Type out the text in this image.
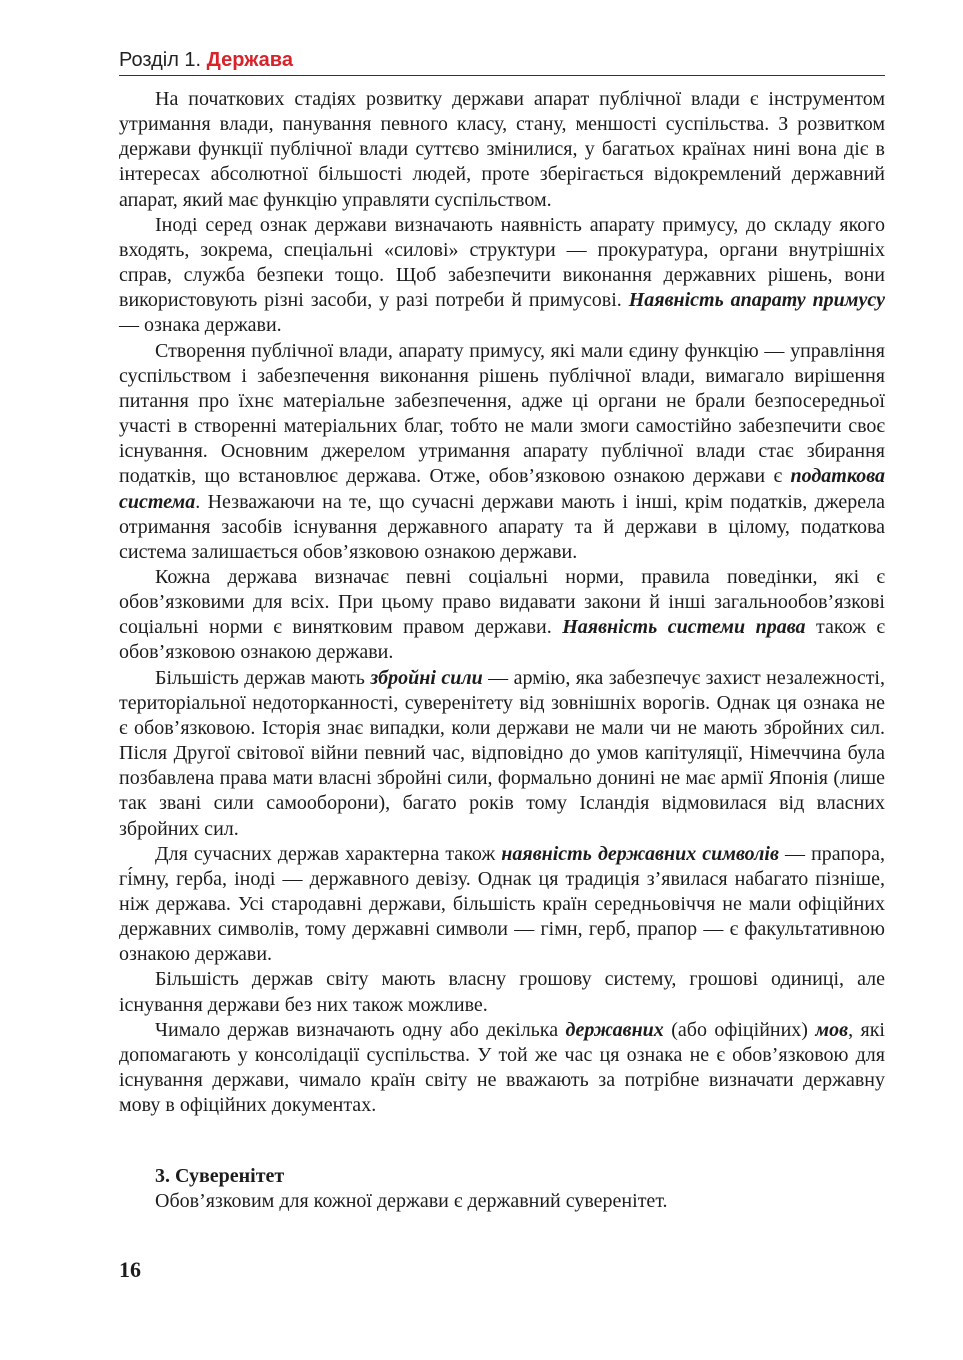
Розділ 1. Держава

На початкових стадіях розвитку держави апарат публічної влади є інструментом утримання влади, панування певного класу, стану, меншості суспільства. З розвитком держави функції публічної влади суттєво змінилися, у багатьох країнах нині вона діє в інтересах абсолютної більшості людей, проте зберігається відокремлений державний апарат, який має функцію управляти суспільством.

Іноді серед ознак держави визначають наявність апарату примусу, до складу якого входять, зокрема, спеціальні «силові» структури — прокуратура, органи внутрішніх справ, служба безпеки тощо. Щоб забезпечити виконання державних рішень, вони використовують різні засоби, у разі потреби й примусові. Наявність апарату примусу — ознака держави.

Створення публічної влади, апарату примусу, які мали єдину функцію — управління суспільством і забезпечення виконання рішень публічної влади, вимагало вирішення питання про їхнє матеріальне забезпечення, адже ці органи не брали безпосередньої участі в створенні матеріальних благ, тобто не мали змоги самостійно забезпечити своє існування. Основним джерелом утримання апарату публічної влади стає збирання податків, що встановлює держава. Отже, обов’язковою ознакою держави є податкова система. Незважаючи на те, що сучасні держави мають і інші, крім податків, джерела отримання засобів існування державного апарату та й держави в цілому, податкова система залишається обов’язковою ознакою держави.

Кожна держава визначає певні соціальні норми, правила поведінки, які є обов’язковими для всіх. При цьому право видавати закони й інші загальнообов’язкові соціальні норми є винятковим правом держави. Наявність системи права також є обов’язковою ознакою держави.

Більшість держав мають збройні сили — армію, яка забезпечує захист незалежності, територіальної недоторканності, суверенітету від зовнішніх ворогів. Однак ця ознака не є обов’язковою. Історія знає випадки, коли держави не мали чи не мають збройних сил. Після Другої світової війни певний час, відповідно до умов капітуляції, Німеччина була позбавлена права мати власні збройні сили, формально донині не має армії Японія (лише так звані сили самооборони), багато років тому Ісландія відмовилася від власних збройних сил.

Для сучасних держав характерна також наявність державних символів — прапора, гі́мну, герба, іноді — державного девізу. Однак ця традиція з’явилася набагато пізніше, ніж держава. Усі стародавні держави, більшість країн середньовіччя не мали офіційних державних символів, тому державні символи — гімн, герб, прапор — є факультативною ознакою держави.

Більшість держав світу мають власну грошову систему, грошові одиниці, але існування держави без них також можливе.

Чимало держав визначають одну або декілька державних (або офіційних) мов, які допомагають у консолідації суспільства. У той же час ця ознака не є обов’язковою для існування держави, чимало країн світу не вважають за потрібне визначати державну мову в офіційних документах.

3. Суверенітет
Обов’язковим для кожної держави є державний суверенітет.
16
